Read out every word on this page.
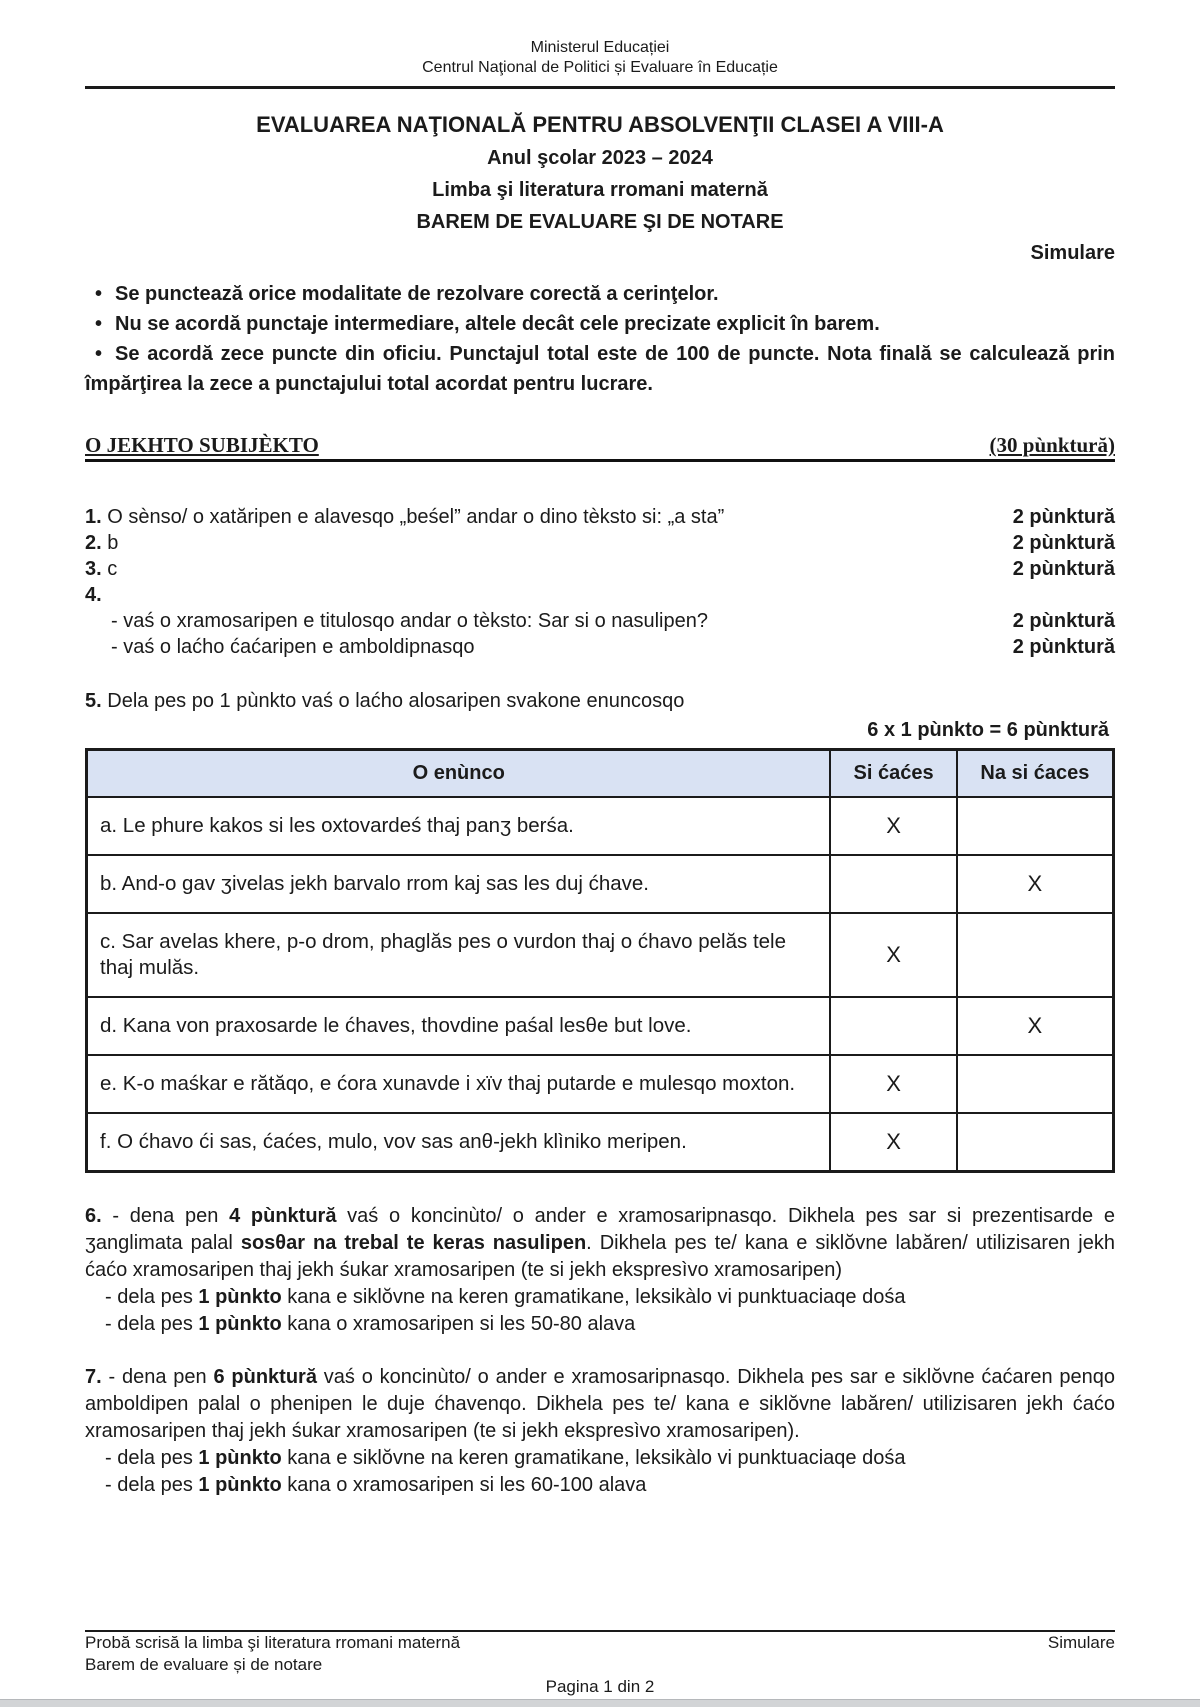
Ministerul Educației
Centrul Naţional de Politici și Evaluare în Educație
EVALUAREA NAŢIONALĂ PENTRU ABSOLVENŢII CLASEI A VIII-A
Anul şcolar 2023 – 2024
Limba şi literatura rromani maternă
BAREM DE EVALUARE ŞI DE NOTARE
Simulare

• Se punctează orice modalitate de rezolvare corectă a cerinţelor.

• Nu se acordă punctaje intermediare, altele decât cele precizate explicit în barem.

• Se acordă zece puncte din oficiu. Punctajul total este de 100 de puncte. Nota finală se calculează prin împărţirea la zece a punctajului total acordat pentru lucrare.

O JEKHTO SUBIJÈKTO	(30 pùnktură)
1. O sènso/ o xatăripen e alavesqo „beśel” andar o dino tèksto si: „a sta”	2 pùnktură
2. b	2 pùnktură
3. c	2 pùnktură
4.
- vaś o xramosaripen e titulosqo andar o tèksto: Sar si o nasulipen?	2 pùnktură
- vaś o laćho ćaćaripen e amboldipnasqo	2 pùnktură
5. Dela pes po 1 pùnkto vaś o laćho alosaripen svakone enuncosqo
6 x 1 pùnkto = 6 pùnktură
O enùnco	Si ćaćes	Na si ćaces
a. Le phure kakos si les oxtovardeś thaj panʒ berśa.	X	
b. And-o gav ʒivelas jekh barvalo rrom kaj sas les duj ćhave.		X
c. Sar avelas khere, p-o drom, phaglăs pes o vurdon thaj o ćhavo pelăs tele thaj mulăs.	X	
d. Kana von praxosarde le ćhaves, thovdine paśal lesθe but love.		X
e. K-o maśkar e rătăqo, e ćora xunavde i xïv thaj putarde e mulesqo moxton.	X	
f. O ćhavo ći sas, ćaćes, mulo, vov sas anθ-jekh klìniko meripen.	X	

6. - dena pen 4 pùnktură vaś o koncinùto/ o ander e xramosaripnasqo. Dikhela pes sar si prezentisarde e ʒanglimata palal sosθar na trebal te keras nasulipen. Dikhela pes te/ kana e siklŏvne labăren/ utilizisaren jekh ćaćo xramosaripen thaj jekh śukar xramosaripen (te si jekh ekspresìvo xramosaripen)

- dela pes 1 pùnkto kana e siklŏvne na keren gramatikane, leksikàlo vi punktuaciaqe dośa
- dela pes 1 pùnkto kana o xramosaripen si les 50-80 alava

7. - dena pen 6 pùnktură vaś o koncinùto/ o ander e xramosaripnasqo. Dikhela pes sar e siklŏvne ćaćaren penqo amboldipen palal o phenipen le duje ćhavenqo. Dikhela pes te/ kana e siklŏvne labăren/ utilizisaren jekh ćaćo xramosaripen thaj jekh śukar xramosaripen (te si jekh ekspresìvo xramosaripen).

- dela pes 1 pùnkto kana e siklŏvne na keren gramatikane, leksikàlo vi punktuaciaqe dośa
- dela pes 1 pùnkto kana o xramosaripen si les 60-100 alava
Probă scrisă la limba şi literatura rromani maternă	Simulare
Barem de evaluare și de notare
Pagina 1 din 2
